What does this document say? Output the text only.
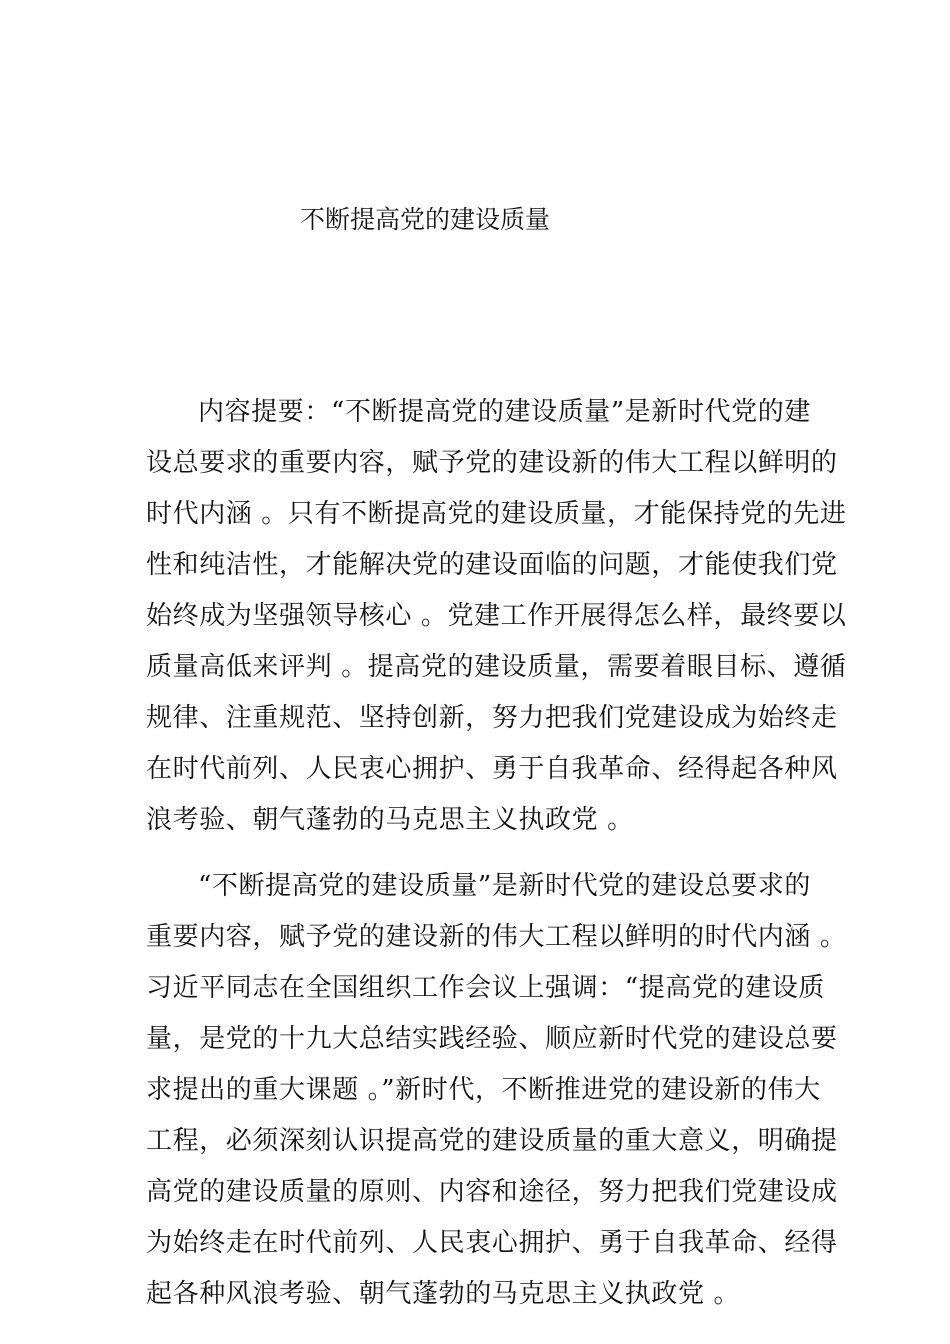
不断提高党的建设质量
内容提要：“不断提高党的建设质量”是新时代党的建
设总要求的重要内容，赋予党的建设新的伟大工程以鲜明的
时代内涵 。只有不断提高党的建设质量，才能保持党的先进
性和纯洁性，才能解决党的建设面临的问题，才能使我们党
始终成为坚强领导核心 。党建工作开展得怎么样，最终要以
质量高低来评判 。提高党的建设质量，需要着眼目标、遵循
规律、注重规范、坚持创新，努力把我们党建设成为始终走
在时代前列、人民衷心拥护、勇于自我革命、经得起各种风
浪考验、朝气蓬勃的马克思主义执政党 。
“不断提高党的建设质量”是新时代党的建设总要求的
重要内容，赋予党的建设新的伟大工程以鲜明的时代内涵 。
习近平同志在全国组织工作会议上强调：“提高党的建设质
量，是党的十九大总结实践经验、顺应新时代党的建设总要
求提出的重大课题 。”新时代，不断推进党的建设新的伟大
工程，必须深刻认识提高党的建设质量的重大意义，明确提
高党的建设质量的原则、内容和途径，努力把我们党建设成
为始终走在时代前列、人民衷心拥护、勇于自我革命、经得
起各种风浪考验、朝气蓬勃的马克思主义执政党 。
